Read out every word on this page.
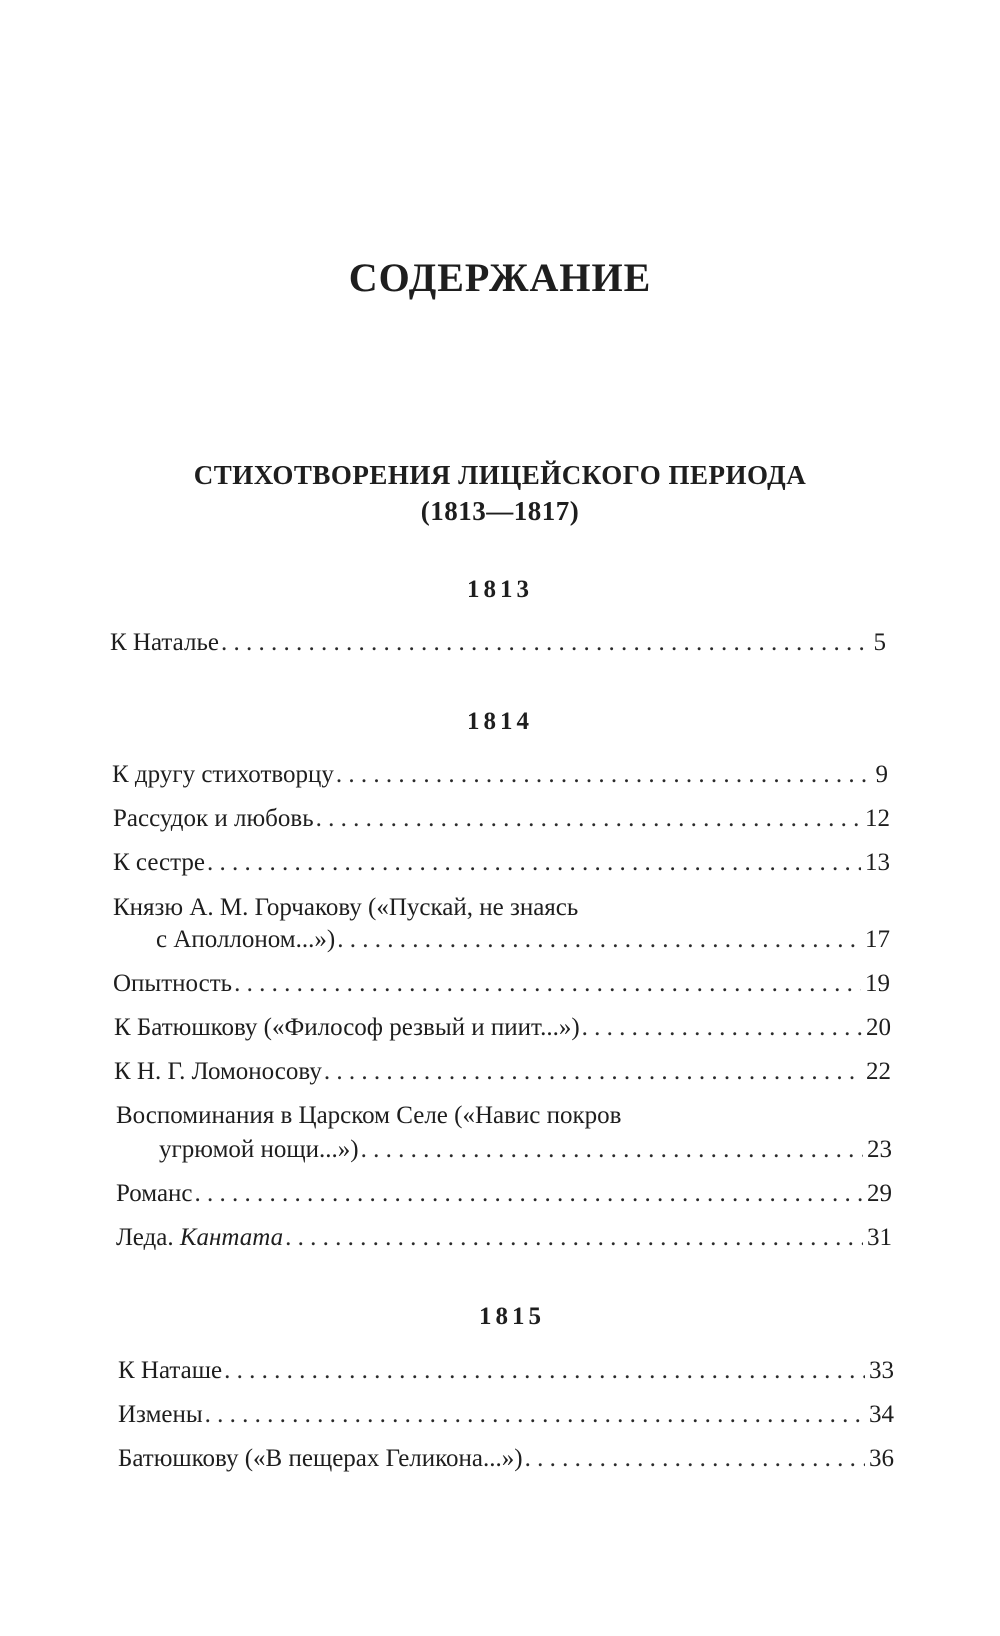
СОДЕРЖАНИЕ
СТИХОТВОРЕНИЯ ЛИЦЕЙСКОГО ПЕРИОДА
(1813—1817)
1813
К Наталье . . .	5
1814
К другу стихотворцу . . .	9
Рассудок и любовь . . .	12
К сестре . . .	13
Князю А. М. Горчакову («Пускай, не знаясь
с Аполлоном...») . . .	17
Опытность . . .	19
К Батюшкову («Философ резвый и пиит...») . . .	20
К Н. Г. Ломоносову . . .	22
Воспоминания в Царском Селе («Навис покров
угрюмой нощи...») . . .	23
Романс . . .	29
Леда. Кантата . . .	31
1815
К Наташе . . .	33
Измены . . .	34
Батюшкову («В пещерах Геликона...») . . .	36
